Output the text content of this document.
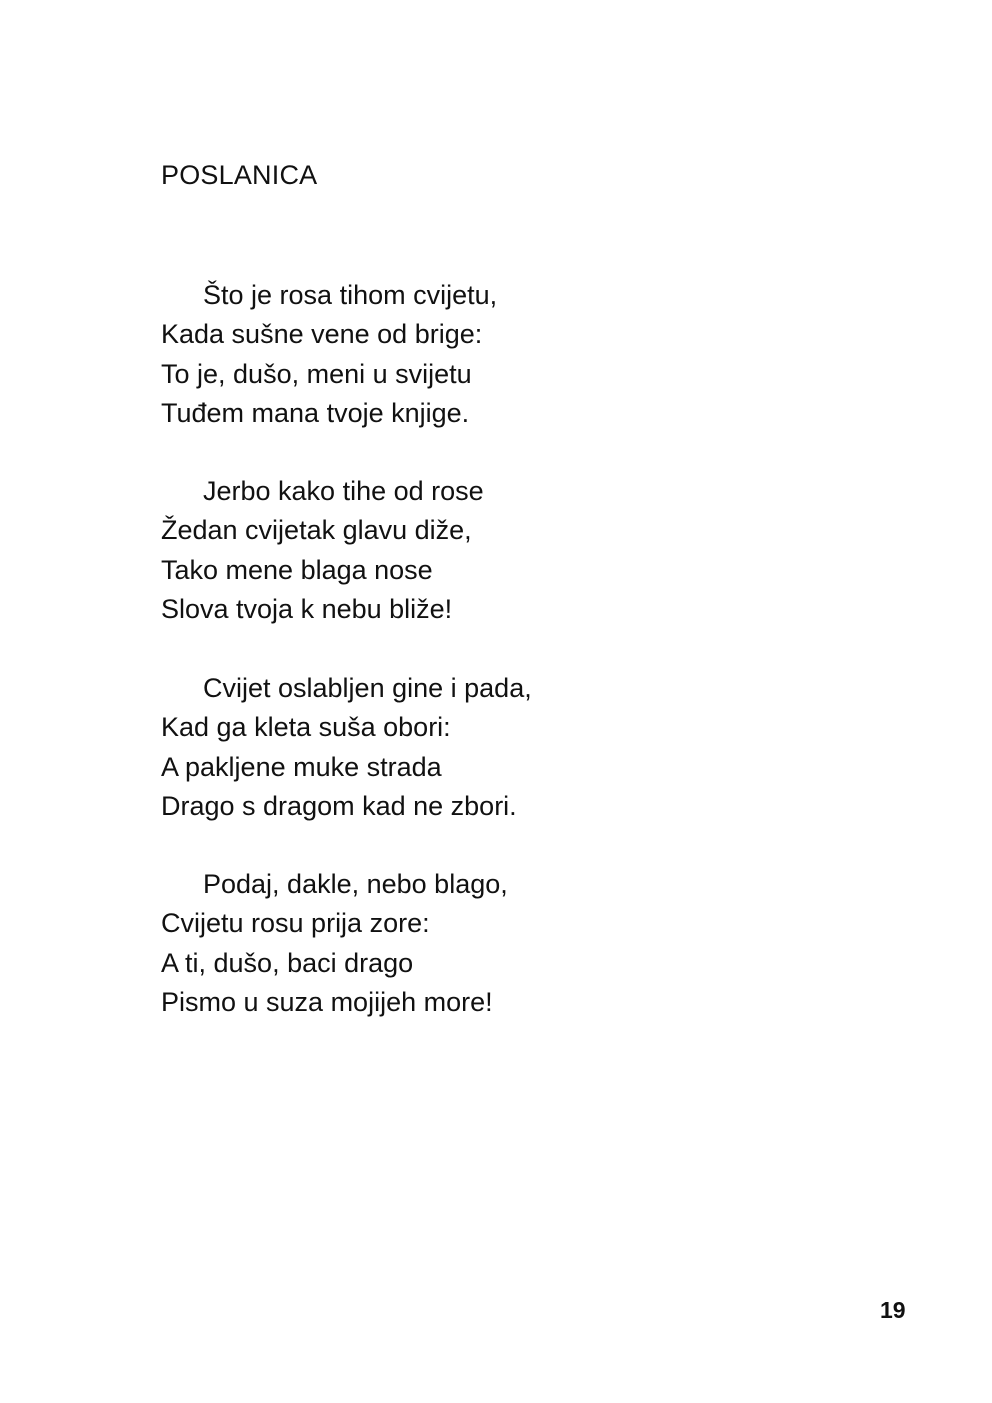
POSLANICA
Što je rosa tihom cvijetu,
Kada sušne vene od brige:
To je, dušo, meni u svijetu
Tuđem mana tvoje knjige.
Jerbo kako tihe od rose
Žedan cvijetak glavu diže,
Tako mene blaga nose
Slova tvoja k nebu bliže!
Cvijet oslabljen gine i pada,
Kad ga kleta suša obori:
A pakljene muke strada
Drago s dragom kad ne zbori.
Podaj, dakle, nebo blago,
Cvijetu rosu prija zore:
A ti, dušo, baci drago
Pismo u suza mojijeh more!
19
